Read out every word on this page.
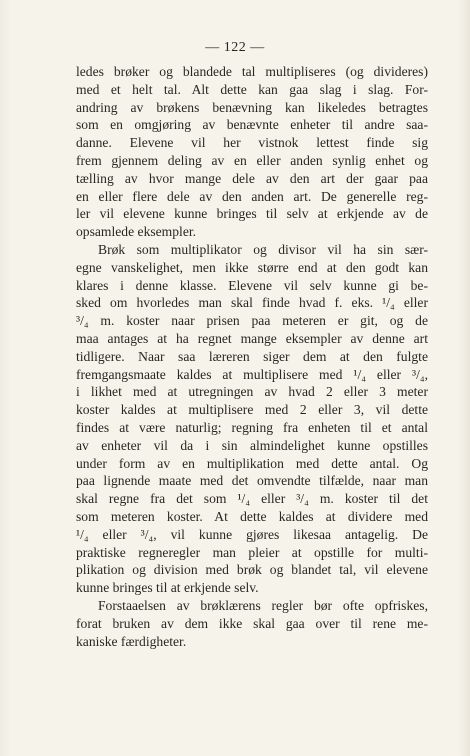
— 122 —
ledes brøker og blandede tal multipliseres (og divideres)
med et helt tal. Alt dette kan gaa slag i slag. For-
andring av brøkens benævning kan likeledes betragtes
som en omgjøring av benævnte enheter til andre saa-
danne. Elevene vil her vistnok lettest finde sig
frem gjennem deling av en eller anden synlig enhet og
tælling av hvor mange dele av den art der gaar paa
en eller flere dele av den anden art. De generelle reg-
ler vil elevene kunne bringes til selv at erkjende av de
opsamlede eksempler.
Brøk som multiplikator og divisor vil ha sin sær-
egne vanskelighet, men ikke større end at den godt kan
klares i denne klasse. Elevene vil selv kunne gi be-
sked om hvorledes man skal finde hvad f. eks. ¹/₄ eller
³/₄ m. koster naar prisen paa meteren er git, og de
maa antages at ha regnet mange eksempler av denne art
tidligere. Naar saa læreren siger dem at den fulgte
fremgangsmaate kaldes at multiplisere med ¹/₄ eller ³/₄,
i likhet med at utregningen av hvad 2 eller 3 meter
koster kaldes at multiplisere med 2 eller 3, vil dette
findes at være naturlig; regning fra enheten til et antal
av enheter vil da i sin almindelighet kunne opstilles
under form av en multiplikation med dette antal. Og
paa lignende maate med det omvendte tilfælde, naar man
skal regne fra det som ¹/₄ eller ³/₄ m. koster til det
som meteren koster. At dette kaldes at dividere med
¹/₄ eller ³/₄, vil kunne gjøres likesaa antagelig. De
praktiske regneregler man pleier at opstille for multi-
plikation og division med brøk og blandet tal, vil elevene
kunne bringes til at erkjende selv.
Forstaaelsen av brøklærens regler bør ofte opfriskes,
forat bruken av dem ikke skal gaa over til rene me-
kaniske færdigheter.
